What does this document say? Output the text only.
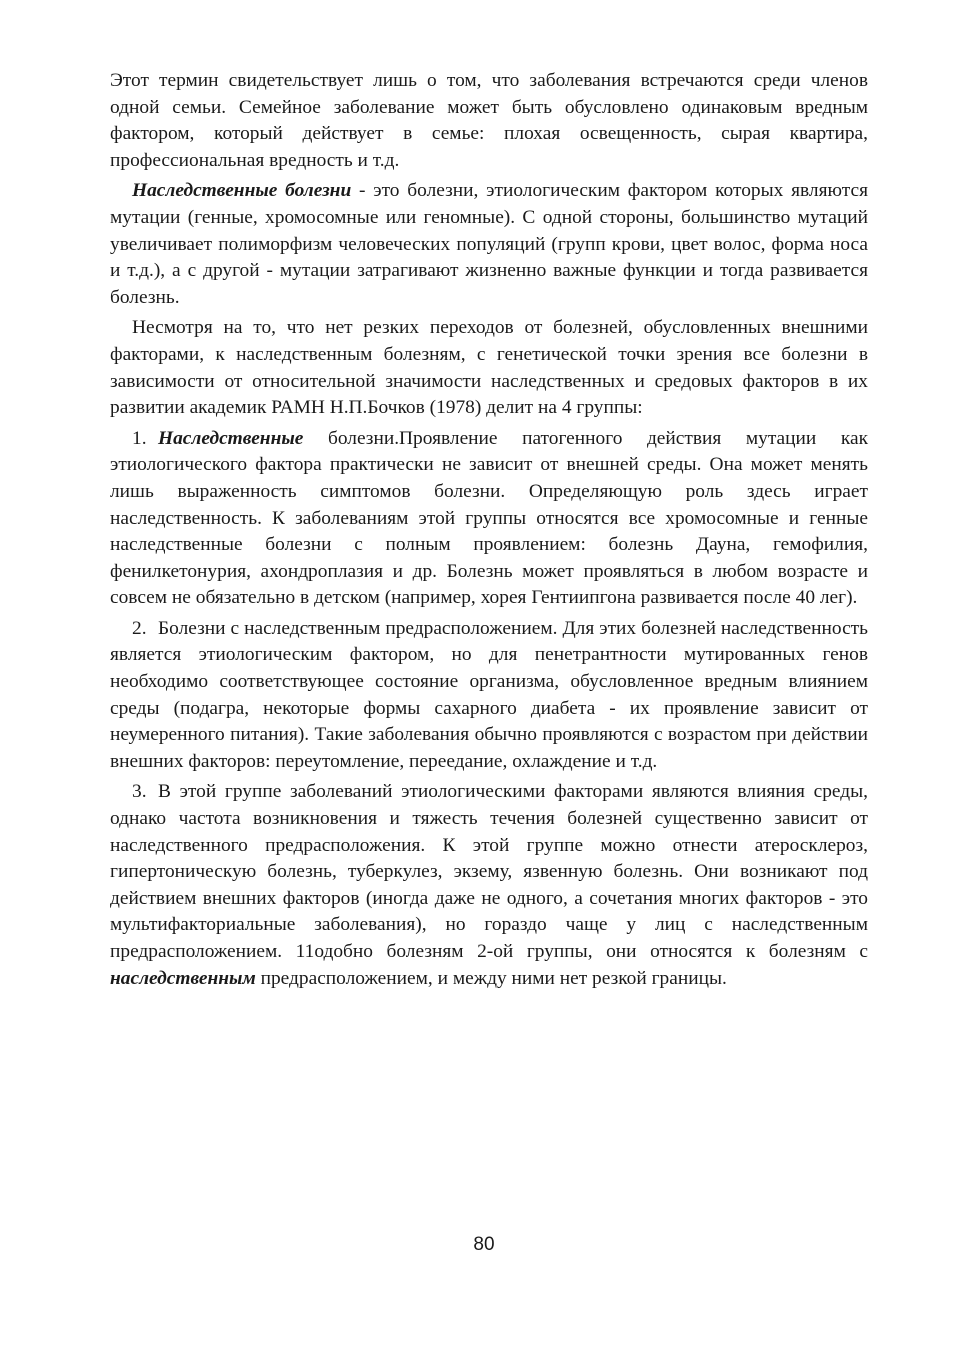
Этот термин свидетельствует лишь о том, что заболевания встречаются среди членов одной семьи. Семейное заболевание может быть обусловлено одинаковым вредным фактором, который действует в семье: плохая освещенность, сырая квартира, профессиональная вредность и т.д.

Наследственные болезни - это болезни, этиологическим фактором которых являются мутации (генные, хромосомные или геномные). С одной стороны, большинство мутаций увеличивает полиморфизм человеческих популяций (групп крови, цвет волос, форма носа и т.д.), а с другой - мутации затрагивают жизненно важные функции и тогда развивается болезнь.

Несмотря на то, что нет резких переходов от болезней, обусловленных внешними факторами, к наследственным болезням, с генетической точки зрения все болезни в зависимости от относительной значимости наследственных и средовых факторов в их развитии академик РАМН Н.П.Бочков (1978) делит на 4 группы:

1. Наследственные болезни.Проявление патогенного действия мутации как этиологического фактора практически не зависит от внешней среды. Она может менять лишь выраженность симптомов болезни. Определяющую роль здесь играет наследственность. К заболеваниям этой группы относятся все хромосомные и генные наследственные болезни с полным проявлением: болезнь Дауна, гемофилия, фенилкетонурия, ахондроплазия и др. Болезнь может проявляться в любом возрасте и совсем не обязательно в детском (например, хорея Гентиипгона развивается после 40 лег).

2. Болезни с наследственным предрасположением. Для этих болезней наследственность является этиологическим фактором, но для пенетрантности мутированных генов необходимо соответствующее состояние организма, обусловленное вредным влиянием среды (подагра, некоторые формы сахарного диабета - их проявление зависит от неумеренного питания). Такие заболевания обычно проявляются с возрастом при действии внешних факторов: переутомление, переедание, охлаждение и т.д.

3. В этой группе заболеваний этиологическими факторами являются влияния среды, однако частота возникновения и тяжесть течения болезней существенно зависит от наследственного предрасположения. К этой группе можно отнести атеросклероз, гипертоническую болезнь, туберкулез, экзему, язвенную болезнь. Они возникают под действием внешних факторов (иногда даже не одного, а сочетания многих факторов - это мультифакториальные заболевания), но гораздо чаще у лиц с наследственным предрасположением. 11одобно болезням 2-ой группы, они относятся к болезням с наследственным предрасположением, и между ними нет резкой границы.

80
